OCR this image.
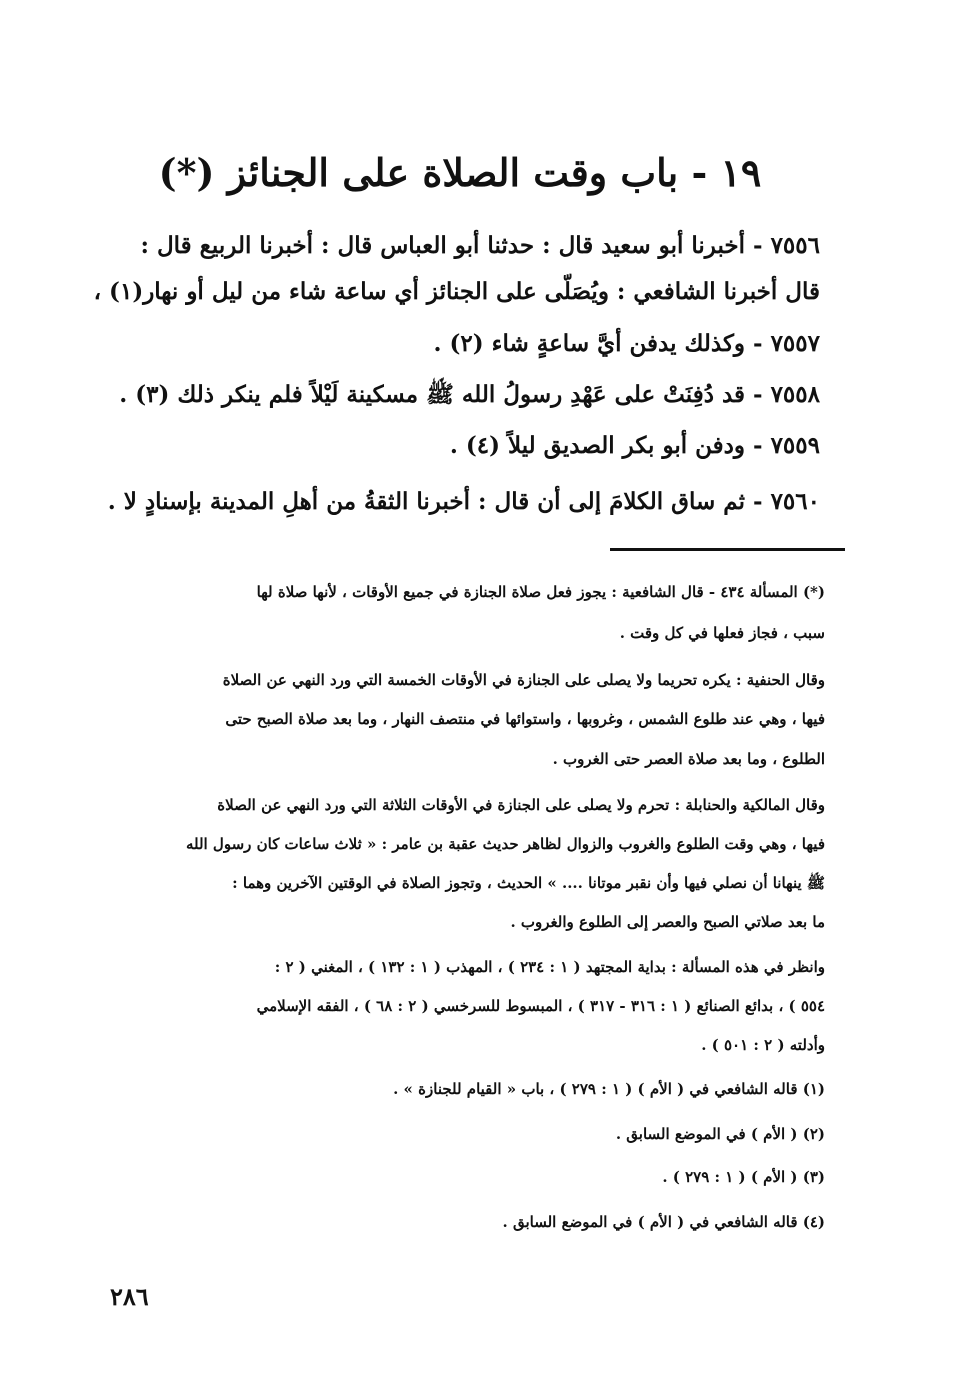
١٩ - باب وقت الصلاة على الجنائز (*)
٧٥٥٦ - أخبرنا أبو سعيد قال : حدثنا أبو العباس قال : أخبرنا الربيع قال :
قال أخبرنا الشافعي : ويُصَلّى على الجنائز أي ساعة شاء من ليل أو نهار(١) ،
٧٥٥٧ - وكذلك يدفن أيَّ ساعةٍ شاء (٢) .
٧٥٥٨ - قد دُفِنَتْ على عَهْدِ رسولُ الله ﷺ مسكينة لَيْلاً فلم ينكر ذلك (٣) .
٧٥٥٩ - ودفن أبو بكر الصديق ليلاً (٤) .
٧٥٦٠ - ثم ساق الكلامَ إلى أن قال : أخبرنا الثقةُ من أهلِ المدينة بإسنادٍ لا .
(*) المسألة ٤٣٤ - قال الشافعية : يجوز فعل صلاة الجنازة في جميع الأوقات ، لأنها صلاة لها
سبب ، فجاز فعلها في كل وقت .
وقال الحنفية : يكره تحريما ولا يصلى على الجنازة في الأوقات الخمسة التي ورد النهي عن الصلاة
فيها ، وهي عند طلوع الشمس ، وغروبها ، واستوائها في منتصف النهار ، وما بعد صلاة الصبح حتى
الطلوع ، وما بعد صلاة العصر حتى الغروب .
وقال المالكية والحنابلة : تحرم ولا يصلى على الجنازة في الأوقات الثلاثة التي ورد النهي عن الصلاة
فيها ، وهي وقت الطلوع والغروب والزوال لظاهر حديث عقبة بن عامر : « ثلاث ساعات كان رسول الله
ﷺ ينهانا أن نصلي فيها وأن نقبر موتانا .... » الحديث ، وتجوز الصلاة في الوقتين الآخرين وهما :
ما بعد صلاتي الصبح والعصر إلى الطلوع والغروب .
وانظر في هذه المسألة : بداية المجتهد ( ١ : ٢٣٤ ) ، المهذب ( ١ : ١٣٢ ) ، المغني ( ٢ :
٥٥٤ ) ، بدائع الصنائع ( ١ : ٣١٦ - ٣١٧ ) ، المبسوط للسرخسي ( ٢ : ٦٨ ) ، الفقه الإسلامي
وأدلته ( ٢ : ٥٠١ ) .
(١) قاله الشافعي في ( الأم ) ( ١ : ٢٧٩ ) ، باب « القيام للجنازة » .
(٢) ( الأم ) في الموضع السابق .
(٣) ( الأم ) ( ١ : ٢٧٩ ) .
(٤) قاله الشافعي في ( الأم ) في الموضع السابق .
٢٨٦
